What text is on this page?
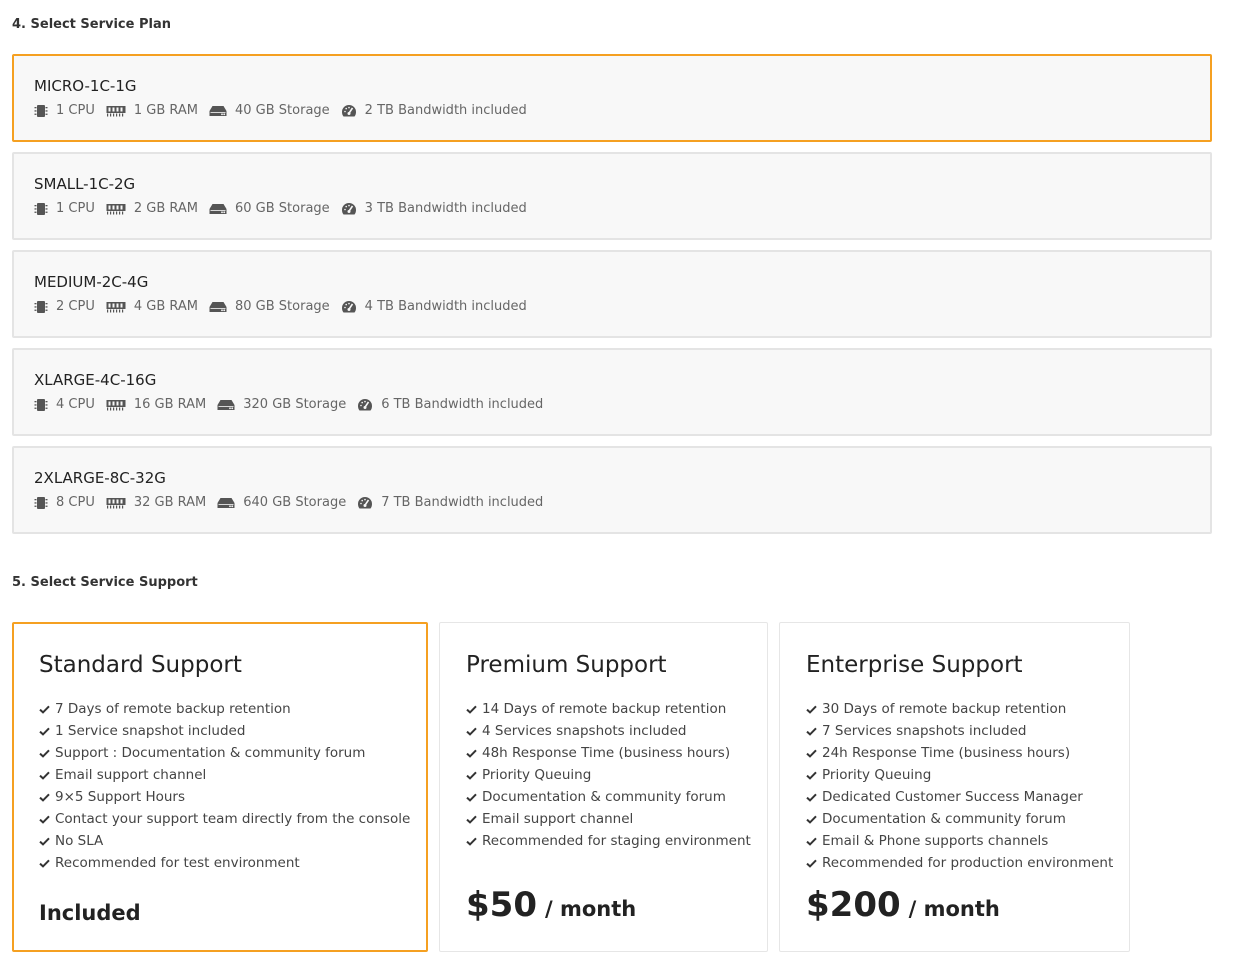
4. Select Service Plan
MICRO-1C-1G
1 CPU	1 GB RAM	40 GB Storage	2 TB Bandwidth included
SMALL-1C-2G
1 CPU	2 GB RAM	60 GB Storage	3 TB Bandwidth included
MEDIUM-2C-4G
2 CPU	4 GB RAM	80 GB Storage	4 TB Bandwidth included
XLARGE-4C-16G
4 CPU	16 GB RAM	320 GB Storage	6 TB Bandwidth included
2XLARGE-8C-32G
8 CPU	32 GB RAM	640 GB Storage	7 TB Bandwidth included
5. Select Service Support
Standard Support
7 Days of remote backup retention
1 Service snapshot included
Support : Documentation & community forum
Email support channel
9×5 Support Hours
Contact your support team directly from the console
No SLA
Recommended for test environment
Included
Premium Support
14 Days of remote backup retention
4 Services snapshots included
48h Response Time (business hours)
Priority Queuing
Documentation & community forum
Email support channel
Recommended for staging environment
$50 / month
Enterprise Support
30 Days of remote backup retention
7 Services snapshots included
24h Response Time (business hours)
Priority Queuing
Dedicated Customer Success Manager
Documentation & community forum
Email & Phone supports channels
Recommended for production environment
$200 / month
